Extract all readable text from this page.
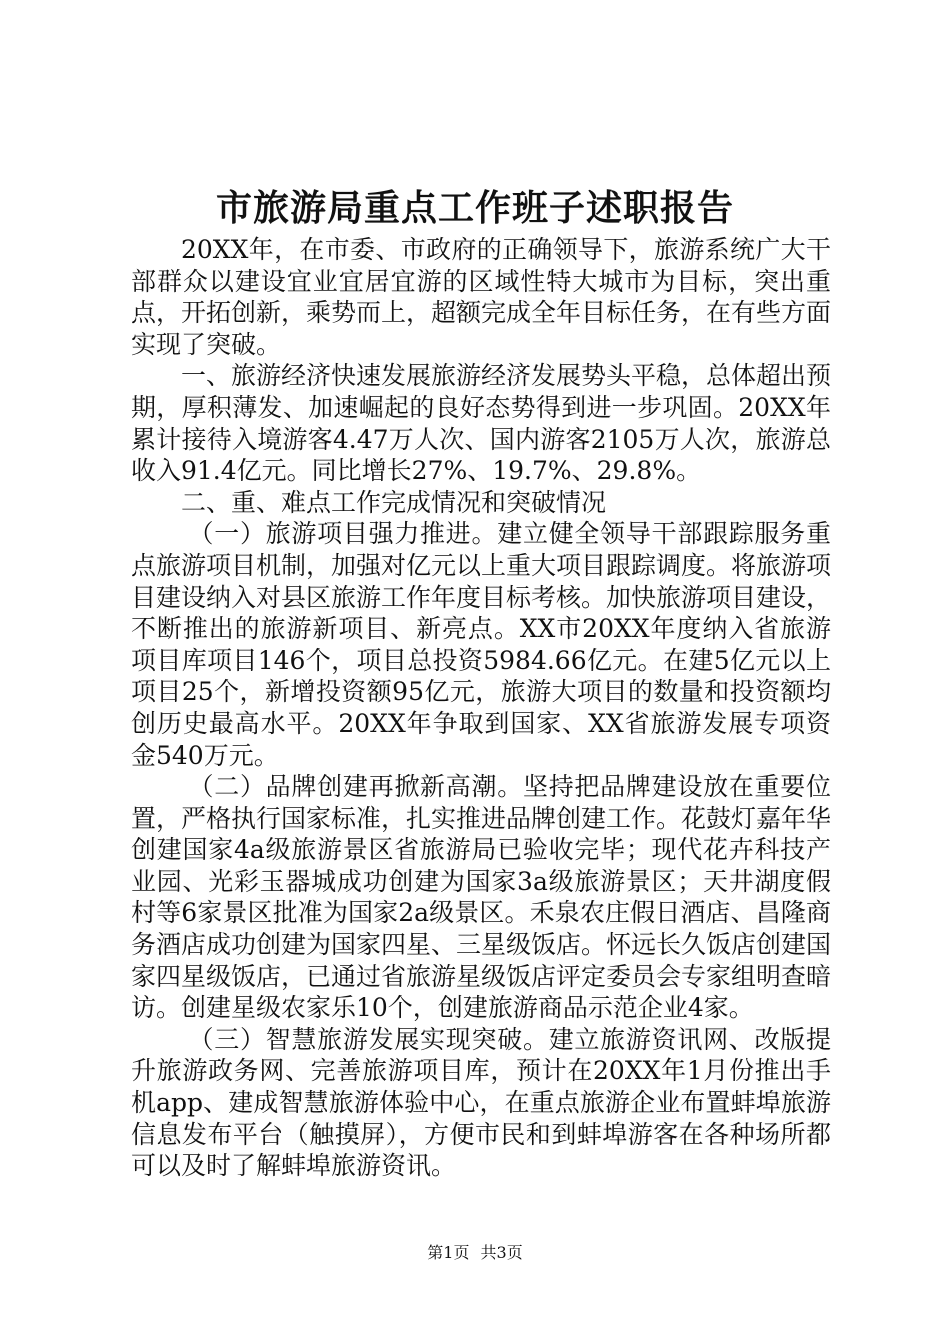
市旅游局重点工作班子述职报告

20XX年，在市委、市政府的正确领导下，旅游系统广大干部群众以建设宜业宜居宜游的区域性特大城市为目标，突出重点，开拓创新，乘势而上，超额完成全年目标任务，在有些方面实现了突破。

一、旅游经济快速发展旅游经济发展势头平稳，总体超出预期，厚积薄发、加速崛起的良好态势得到进一步巩固。20XX年累计接待入境游客4.47万人次、国内游客2105万人次，旅游总收入91.4亿元。同比增长27%、19.7%、29.8%。

二、重、难点工作完成情况和突破情况

（一）旅游项目强力推进。建立健全领导干部跟踪服务重点旅游项目机制，加强对亿元以上重大项目跟踪调度。将旅游项目建设纳入对县区旅游工作年度目标考核。加快旅游项目建设，不断推出的旅游新项目、新亮点。XX市20XX年度纳入省旅游项目库项目146个，项目总投资5984.66亿元。在建5亿元以上项目25个，新增投资额95亿元，旅游大项目的数量和投资额均创历史最高水平。20XX年争取到国家、XX省旅游发展专项资金540万元。

（二）品牌创建再掀新高潮。坚持把品牌建设放在重要位置，严格执行国家标准，扎实推进品牌创建工作。花鼓灯嘉年华创建国家4a级旅游景区省旅游局已验收完毕；现代花卉科技产业园、光彩玉器城成功创建为国家3a级旅游景区；天井湖度假村等6家景区批准为国家2a级景区。禾泉农庄假日酒店、昌隆商务酒店成功创建为国家四星、三星级饭店。怀远长久饭店创建国家四星级饭店，已通过省旅游星级饭店评定委员会专家组明查暗访。创建星级农家乐10个，创建旅游商品示范企业4家。

（三）智慧旅游发展实现突破。建立旅游资讯网、改版提升旅游政务网、完善旅游项目库，预计在20XX年1月份推出手机app、建成智慧旅游体验中心，在重点旅游企业布置蚌埠旅游信息发布平台（触摸屏），方便市民和到蚌埠游客在各种场所都可以及时了解蚌埠旅游资讯。

第1页 共3页
